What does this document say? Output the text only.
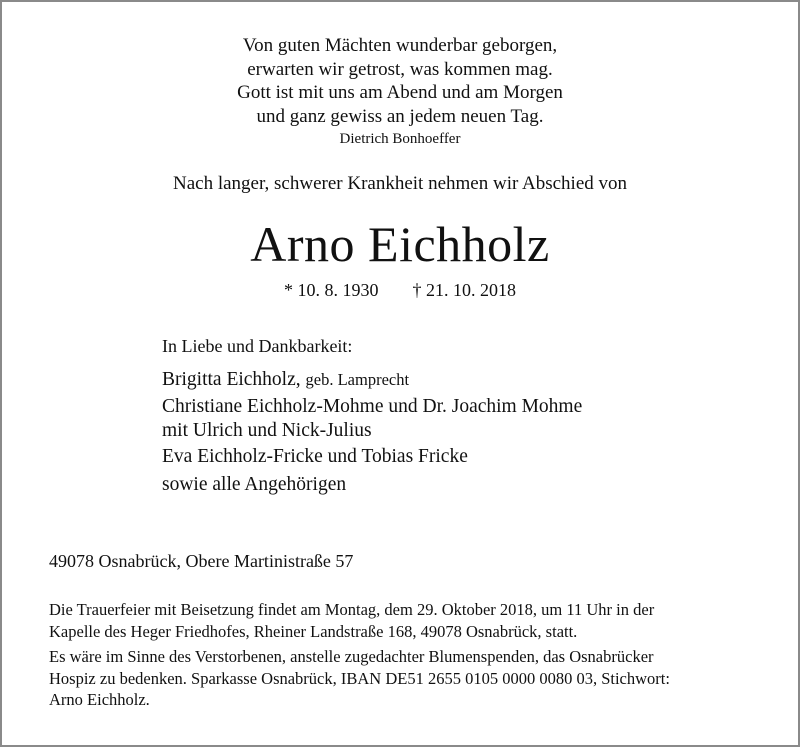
Von guten Mächten wunderbar geborgen,
erwarten wir getrost, was kommen mag.
Gott ist mit uns am Abend und am Morgen
und ganz gewiss an jedem neuen Tag.
Dietrich Bonhoeffer
Nach langer, schwerer Krankheit nehmen wir Abschied von
Arno Eichholz
* 10. 8. 1930 † 21. 10. 2018
In Liebe und Dankbarkeit:
Brigitta Eichholz, geb. Lamprecht
Christiane Eichholz-Mohme und Dr. Joachim Mohme
mit Ulrich und Nick-Julius
Eva Eichholz-Fricke und Tobias Fricke
sowie alle Angehörigen
49078 Osnabrück, Obere Martinistraße 57
Die Trauerfeier mit Beisetzung findet am Montag, dem 29. Oktober 2018, um 11 Uhr in der
Kapelle des Heger Friedhofes, Rheiner Landstraße 168, 49078 Osnabrück, statt.
Es wäre im Sinne des Verstorbenen, anstelle zugedachter Blumenspenden, das Osnabrücker
Hospiz zu bedenken. Sparkasse Osnabrück, IBAN DE51 2655 0105 0000 0080 03, Stichwort:
Arno Eichholz.
